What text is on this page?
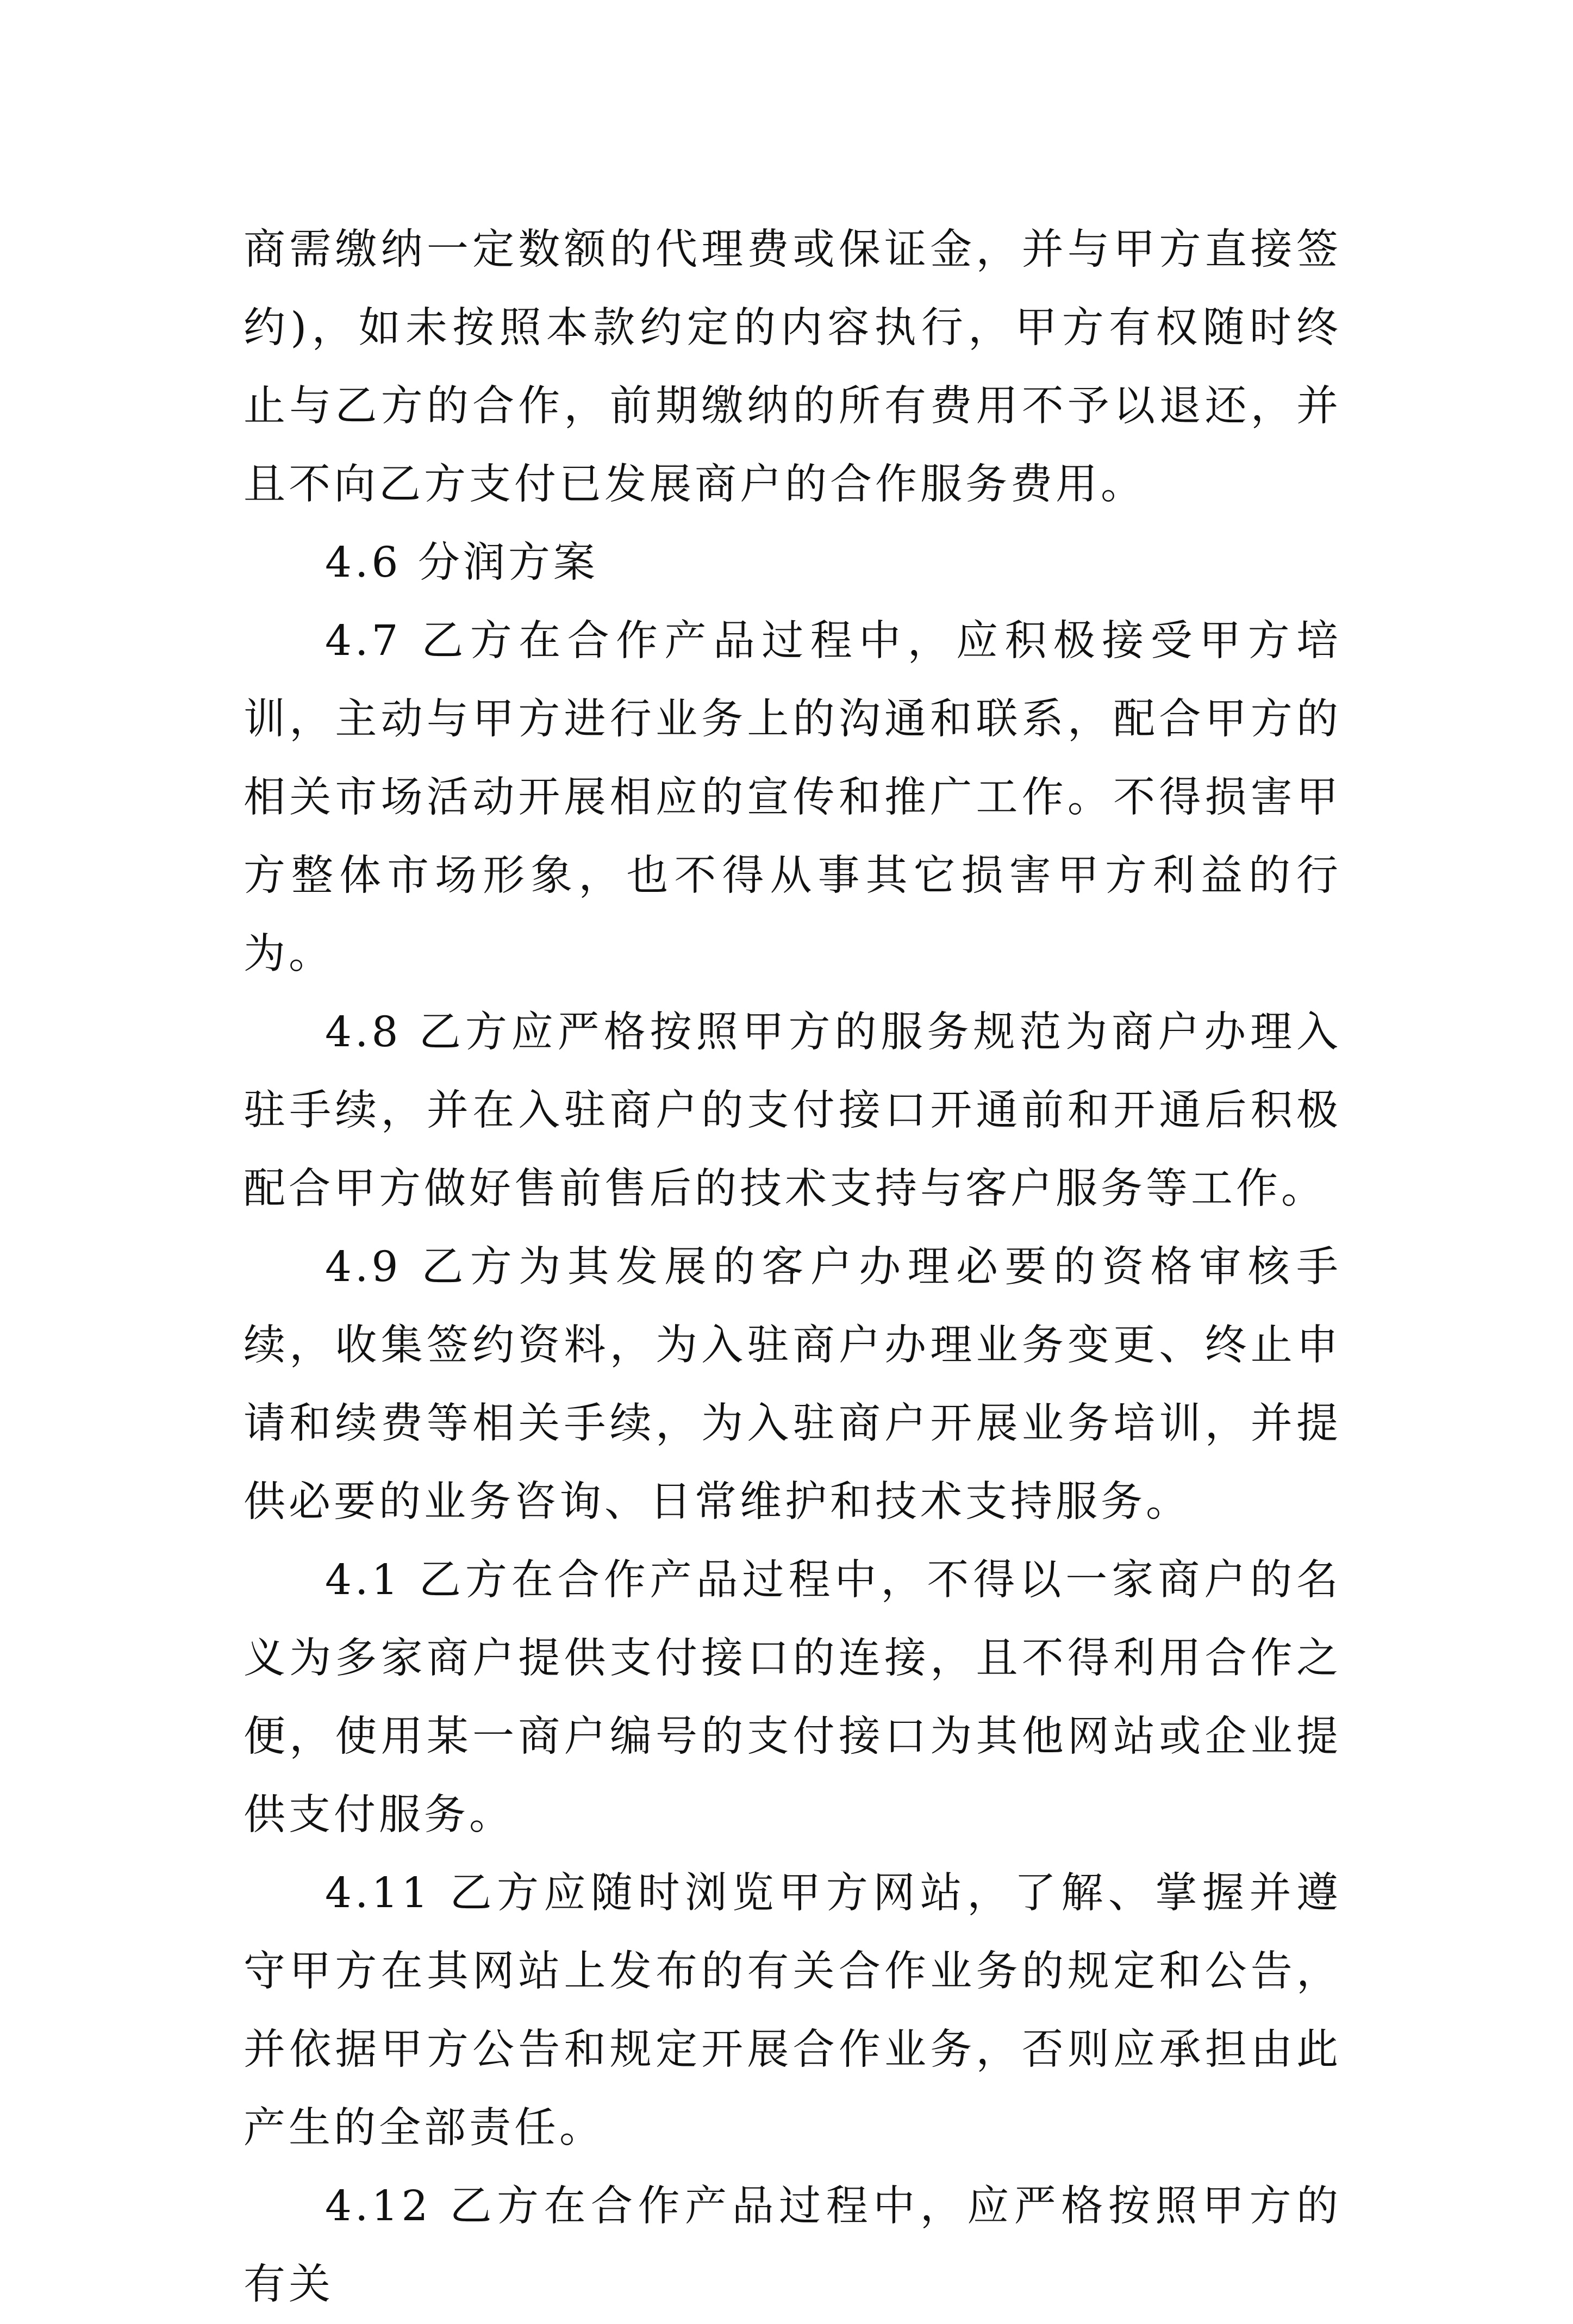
商需缴纳一定数额的代理费或保证金，并与甲方直接签约)，如未按照本款约定的内容执行，甲方有权随时终止与乙方的合作，前期缴纳的所有费用不予以退还，并且不向乙方支付已发展商户的合作服务费用。

4.6 分润方案

4.7 乙方在合作产品过程中，应积极接受甲方培训，主动与甲方进行业务上的沟通和联系，配合甲方的相关市场活动开展相应的宣传和推广工作。不得损害甲方整体市场形象，也不得从事其它损害甲方利益的行为。

4.8 乙方应严格按照甲方的服务规范为商户办理入驻手续，并在入驻商户的支付接口开通前和开通后积极配合甲方做好售前售后的技术支持与客户服务等工作。

4.9 乙方为其发展的客户办理必要的资格审核手续，收集签约资料，为入驻商户办理业务变更、终止申请和续费等相关手续，为入驻商户开展业务培训，并提供必要的业务咨询、日常维护和技术支持服务。

4.1 乙方在合作产品过程中，不得以一家商户的名义为多家商户提供支付接口的连接，且不得利用合作之便，使用某一商户编号的支付接口为其他网站或企业提供支付服务。

4.11 乙方应随时浏览甲方网站，了解、掌握并遵守甲方在其网站上发布的有关合作业务的规定和公告，并依据甲方公告和规定开展合作业务，否则应承担由此产生的全部责任。

4.12 乙方在合作产品过程中，应严格按照甲方的有关
